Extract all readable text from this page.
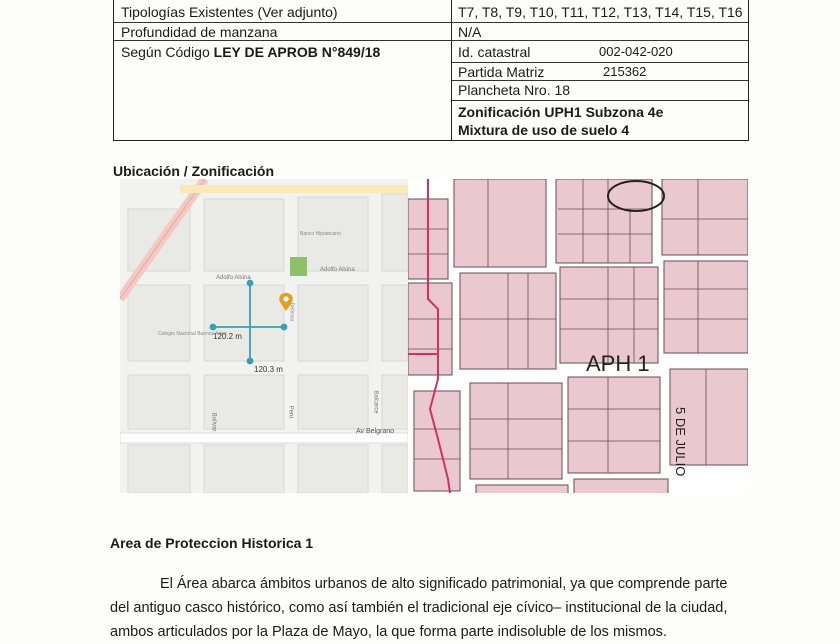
Tipologías Existentes (Ver adjunto)	T7, T8, T9, T10, T11, T12, T13, T14, T15, T16
Profundidad de manzana	N/A
Según Código LEY DE APROB N°849/18	Id. catastral	002-042-020
Partida Matriz	215362
Plancheta Nro. 18
Zonificación UPH1 Subzona 4e
Mixtura de uso de suelo 4
Ubicación / Zonificación
120.2 m
120.3 m
Adolfo Alsina
Adolfo Alsina
Av Belgrano
Bolívar
Perú	Balcarce
Colegio Nacional Buenos Aires
Banco Hipotecario
Defensa
APH 1
5 DE JULIO
Area de Proteccion Historica 1
El Área abarca ámbitos urbanos de alto significado patrimonial, ya que comprende parte
del antiguo casco histórico, como así también el tradicional eje cívico– institucional de la ciudad,
ambos articulados por la Plaza de Mayo, la que forma parte indisoluble de los mismos.
